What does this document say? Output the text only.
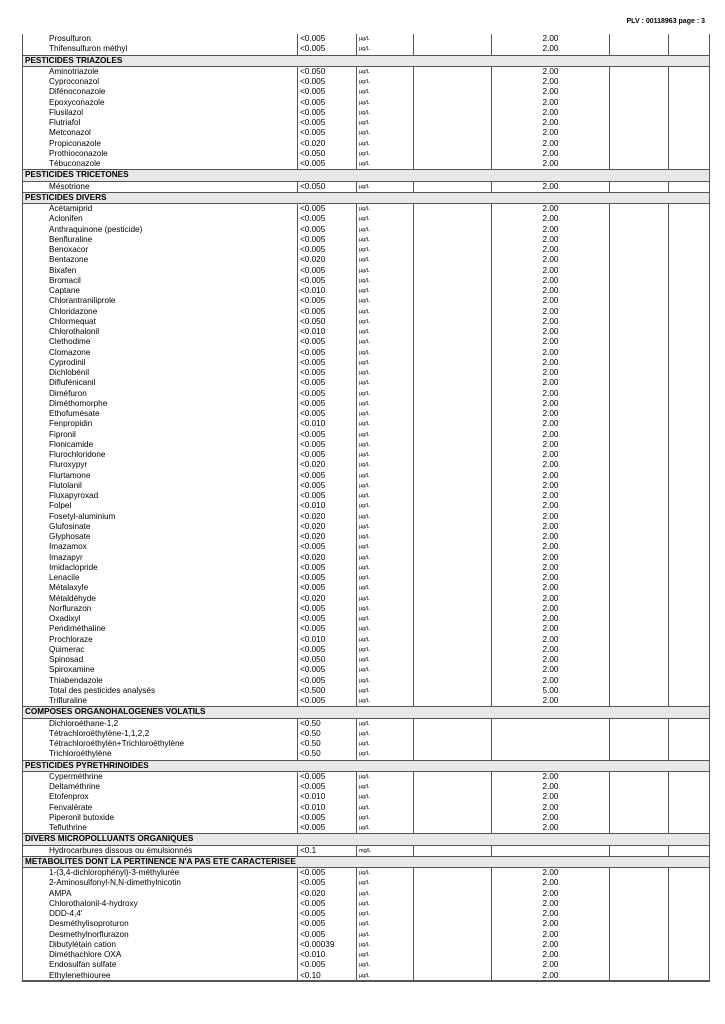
PLV : 00118963 page : 3
Prosulfuron	<0.005	µg/L		2.00		
Thifensulfuron méthyl	<0.005	µg/L		2.00		
PESTICIDES TRIAZOLES						
Aminotriazole	<0.050	µg/L		2.00		
Cyproconazol	<0.005	µg/L		2.00		
Difénoconazole	<0.005	µg/L		2.00		
Epoxyconazole	<0.005	µg/L		2.00		
Flusilazol	<0.005	µg/L		2.00		
Flutriafol	<0.005	µg/L		2.00		
Metconazol	<0.005	µg/L		2.00		
Propiconazole	<0.020	µg/L		2.00		
Prothioconazole	<0.050	µg/L		2.00		
Tébuconazole	<0.005	µg/L		2.00		
PESTICIDES TRICETONES						
Mésotrione	<0.050	µg/L		2.00		
PESTICIDES DIVERS						
Acétamiprid	<0.005	µg/L		2.00		
Aclonifen	<0.005	µg/L		2.00		
Anthraquinone (pesticide)	<0.005	µg/L		2.00		
Benfluraline	<0.005	µg/L		2.00		
Benoxacor	<0.005	µg/L		2.00		
Bentazone	<0.020	µg/L		2.00		
Bixafen	<0.005	µg/L		2.00		
Bromacil	<0.005	µg/L		2.00		
Captane	<0.010	µg/L		2.00		
Chlorantraniliprole	<0.005	µg/L		2.00		
Chloridazone	<0.005	µg/L		2.00		
Chlormequat	<0.050	µg/L		2.00		
Chlorothalonil	<0.010	µg/L		2.00		
Clethodime	<0.005	µg/L		2.00		
Clomazone	<0.005	µg/L		2.00		
Cyprodinil	<0.005	µg/L		2.00		
Dichlobénil	<0.005	µg/L		2.00		
Diflufénicanil	<0.005	µg/L		2.00		
Diméfuron	<0.005	µg/L		2.00		
Diméthomorphe	<0.005	µg/L		2.00		
Ethofumésate	<0.005	µg/L		2.00		
Fenpropidin	<0.010	µg/L		2.00		
Fipronil	<0.005	µg/L		2.00		
Flonicamide	<0.005	µg/L		2.00		
Flurochloridone	<0.005	µg/L		2.00		
Fluroxypyr	<0.020	µg/L		2.00		
Flurtamone	<0.005	µg/L		2.00		
Flutolanil	<0.005	µg/L		2.00		
Fluxapyroxad	<0.005	µg/L		2.00		
Folpel	<0.010	µg/L		2.00		
Fosetyl-aluminium	<0.020	µg/L		2.00		
Glufosinate	<0.020	µg/L		2.00		
Glyphosate	<0.020	µg/L		2.00		
Imazamox	<0.005	µg/L		2.00		
Imazapyr	<0.020	µg/L		2.00		
Imidaclopride	<0.005	µg/L		2.00		
Lenacile	<0.005	µg/L		2.00		
Métalaxyle	<0.005	µg/L		2.00		
Métaldéhyde	<0.020	µg/L		2.00		
Norflurazon	<0.005	µg/L		2.00		
Oxadixyl	<0.005	µg/L		2.00		
Pendiméthaline	<0.005	µg/L		2.00		
Prochloraze	<0.010	µg/L		2.00		
Quimerac	<0.005	µg/L		2.00		
Spinosad	<0.050	µg/L		2.00		
Spiroxamine	<0.005	µg/L		2.00		
Thiabendazole	<0.005	µg/L		2.00		
Total des pesticides analysés	<0.500	µg/L		5.00		
Trifluraline	<0.005	µg/L		2.00		
COMPOSES ORGANOHALOGENES VOLATILS						
Dichloroéthane-1,2	<0.50	µg/L				
Tétrachloroéthylène-1,1,2,2	<0.50	µg/L				
Tétrachloroéthylèn+Trichloroéthylène	<0.50	µg/L				
Trichloroéthylène	<0.50	µg/L				
PESTICIDES PYRETHRINOIDES						
Cyperméthrine	<0.005	µg/L		2.00		
Deltaméthrine	<0.005	µg/L		2.00		
Etofenprox	<0.010	µg/L		2.00		
Fenvalérate	<0.010	µg/L		2.00		
Piperonil butoxide	<0.005	µg/L		2.00		
Tefluthrine	<0.005	µg/L		2.00		
DIVERS MICROPOLLUANTS ORGANIQUES						
Hydrocarbures dissous ou émulsionnés	<0.1	mg/L				
METABOLITES DONT LA PERTINENCE N'A PAS ETE CARACTERISEE						
1-(3,4-dichlorophényl)-3-méthylurée	<0.005	µg/L		2.00		
2-Aminosulfonyl-N,N-dimethylnicotin	<0.005	µg/L		2.00		
AMPA	<0.020	µg/L		2.00		
Chlorothalonil-4-hydroxy	<0.005	µg/L		2.00		
DDD-4,4'	<0.005	µg/L		2.00		
Desméthylisoproturon	<0.005	µg/L		2.00		
Desmethylnorflurazon	<0.005	µg/L		2.00		
Dibutylétain cation	<0.00039	µg/L		2.00		
Diméthachlore OXA	<0.010	µg/L		2.00		
Endosulfan sulfate	<0.005	µg/L		2.00		
Ethylenethiouree	<0.10	µg/L		2.00		
